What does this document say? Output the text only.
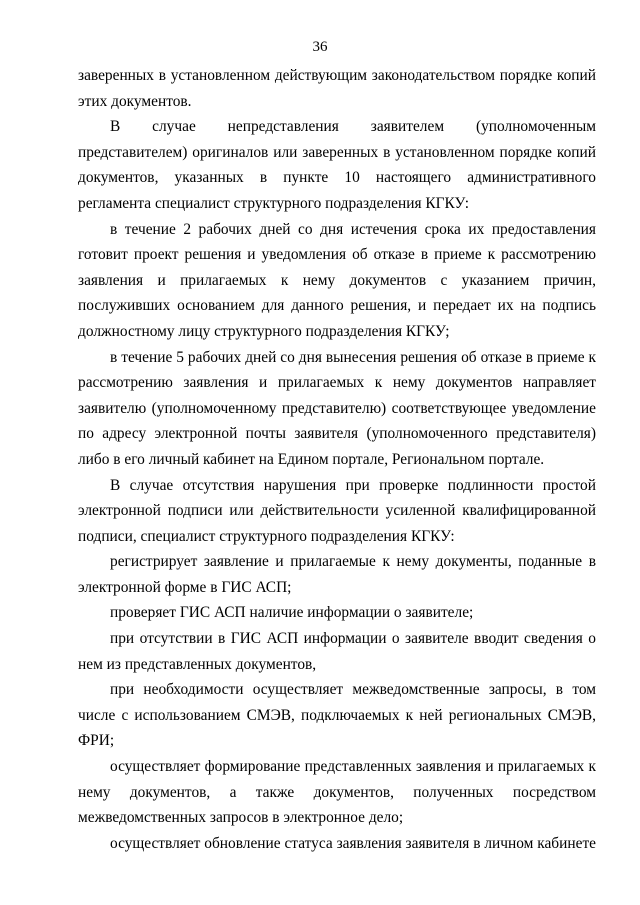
36

заверенных в установленном действующим законодательством порядке копий этих документов.

В случае непредставления заявителем (уполномоченным представителем) оригиналов или заверенных в установленном порядке копий документов, указанных в пункте 10 настоящего административного регламента специалист структурного подразделения КГКУ:

в течение 2 рабочих дней со дня истечения срока их предоставления готовит проект решения и уведомления об отказе в приеме к рассмотрению заявления и прилагаемых к нему документов с указанием причин, послуживших основанием для данного решения, и передает их на подпись должностному лицу структурного подразделения КГКУ;

в течение 5 рабочих дней со дня вынесения решения об отказе в приеме к рассмотрению заявления и прилагаемых к нему документов направляет заявителю (уполномоченному представителю) соответствующее уведомление по адресу электронной почты заявителя (уполномоченного представителя) либо в его личный кабинет на Едином портале, Региональном портале.

В случае отсутствия нарушения при проверке подлинности простой электронной подписи или действительности усиленной квалифицированной подписи, специалист структурного подразделения КГКУ:

регистрирует заявление и прилагаемые к нему документы, поданные в электронной форме в ГИС АСП;

проверяет ГИС АСП наличие информации о заявителе;

при отсутствии в ГИС АСП информации о заявителе вводит сведения о нем из представленных документов,

при необходимости осуществляет межведомственные запросы, в том числе с использованием СМЭВ, подключаемых к ней региональных СМЭВ, ФРИ;

осуществляет формирование представленных заявления и прилагаемых к нему документов, а также документов, полученных посредством межведомственных запросов в электронное дело;

осуществляет обновление статуса заявления заявителя в личном кабинете
